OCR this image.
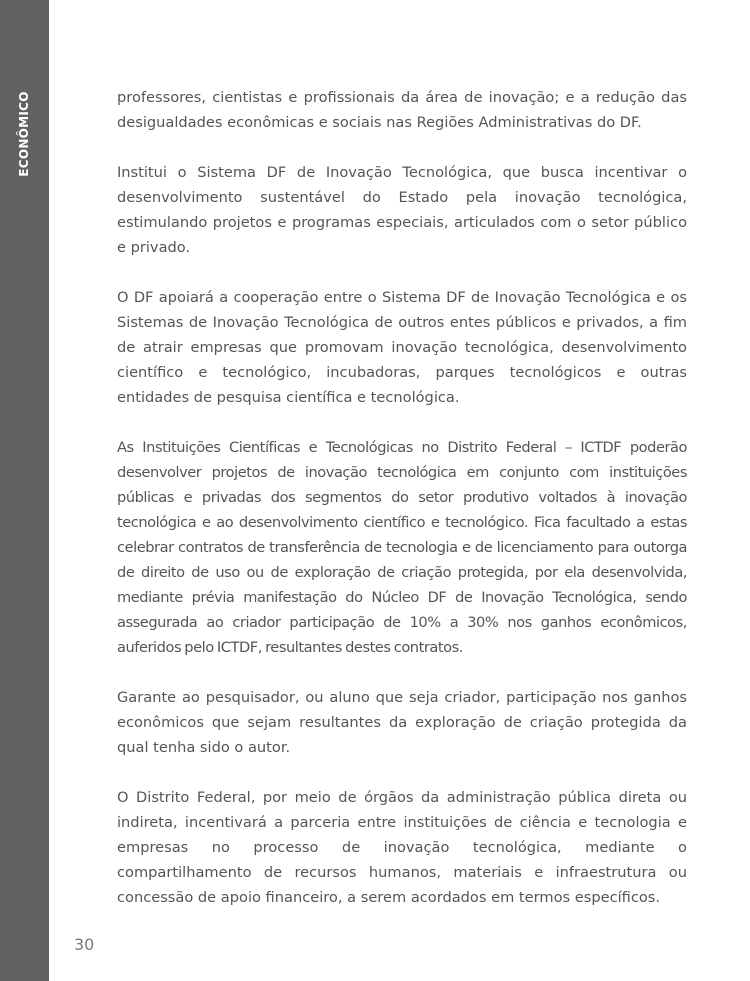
ECONÔMICO	professores, cientistas e profissionais da área de inovação; e a redução das desigualdades econômicas e sociais nas Regiões Administrativas do DF.

Institui o Sistema DF de Inovação Tecnológica, que busca incentivar o desenvolvimento sustentável do Estado pela inovação tecnológica, estimulando projetos e programas especiais, articulados com o setor público e privado.

O DF apoiará a cooperação entre o Sistema DF de Inovação Tecnológica e os Sistemas de Inovação Tecnológica de outros entes públicos e privados, a fim de atrair empresas que promovam inovação tecnológica, desenvolvimento científico e tecnológico, incubadoras, parques tecnológicos e outras entidades de pesquisa científica e tecnológica.

As Instituições Científicas e Tecnológicas no Distrito Federal – ICTDF poderão desenvolver projetos de inovação tecnológica em conjunto com instituições públicas e privadas dos segmentos do setor produtivo voltados à inovação tecnológica e ao desenvolvimento científico e tecnológico. Fica facultado a estas celebrar contratos de transferência de tecnologia e de licenciamento para outorga de direito de uso ou de exploração de criação protegida, por ela desenvolvida, mediante prévia manifestação do Núcleo DF de Inovação Tecnológica, sendo assegurada ao criador participação de 10% a 30% nos ganhos econômicos, auferidos pelo ICTDF, resultantes destes contratos.

Garante ao pesquisador, ou aluno que seja criador, participação nos ganhos econômicos que sejam resultantes da exploração de criação protegida da qual tenha sido o autor.

O Distrito Federal, por meio de órgãos da administração pública direta ou indireta, incentivará a parceria entre instituições de ciência e tecnologia e empresas no processo de inovação tecnológica, mediante o compartilhamento de recursos humanos, materiais e infraestrutura ou concessão de apoio financeiro, a serem acordados em termos específicos.

30
